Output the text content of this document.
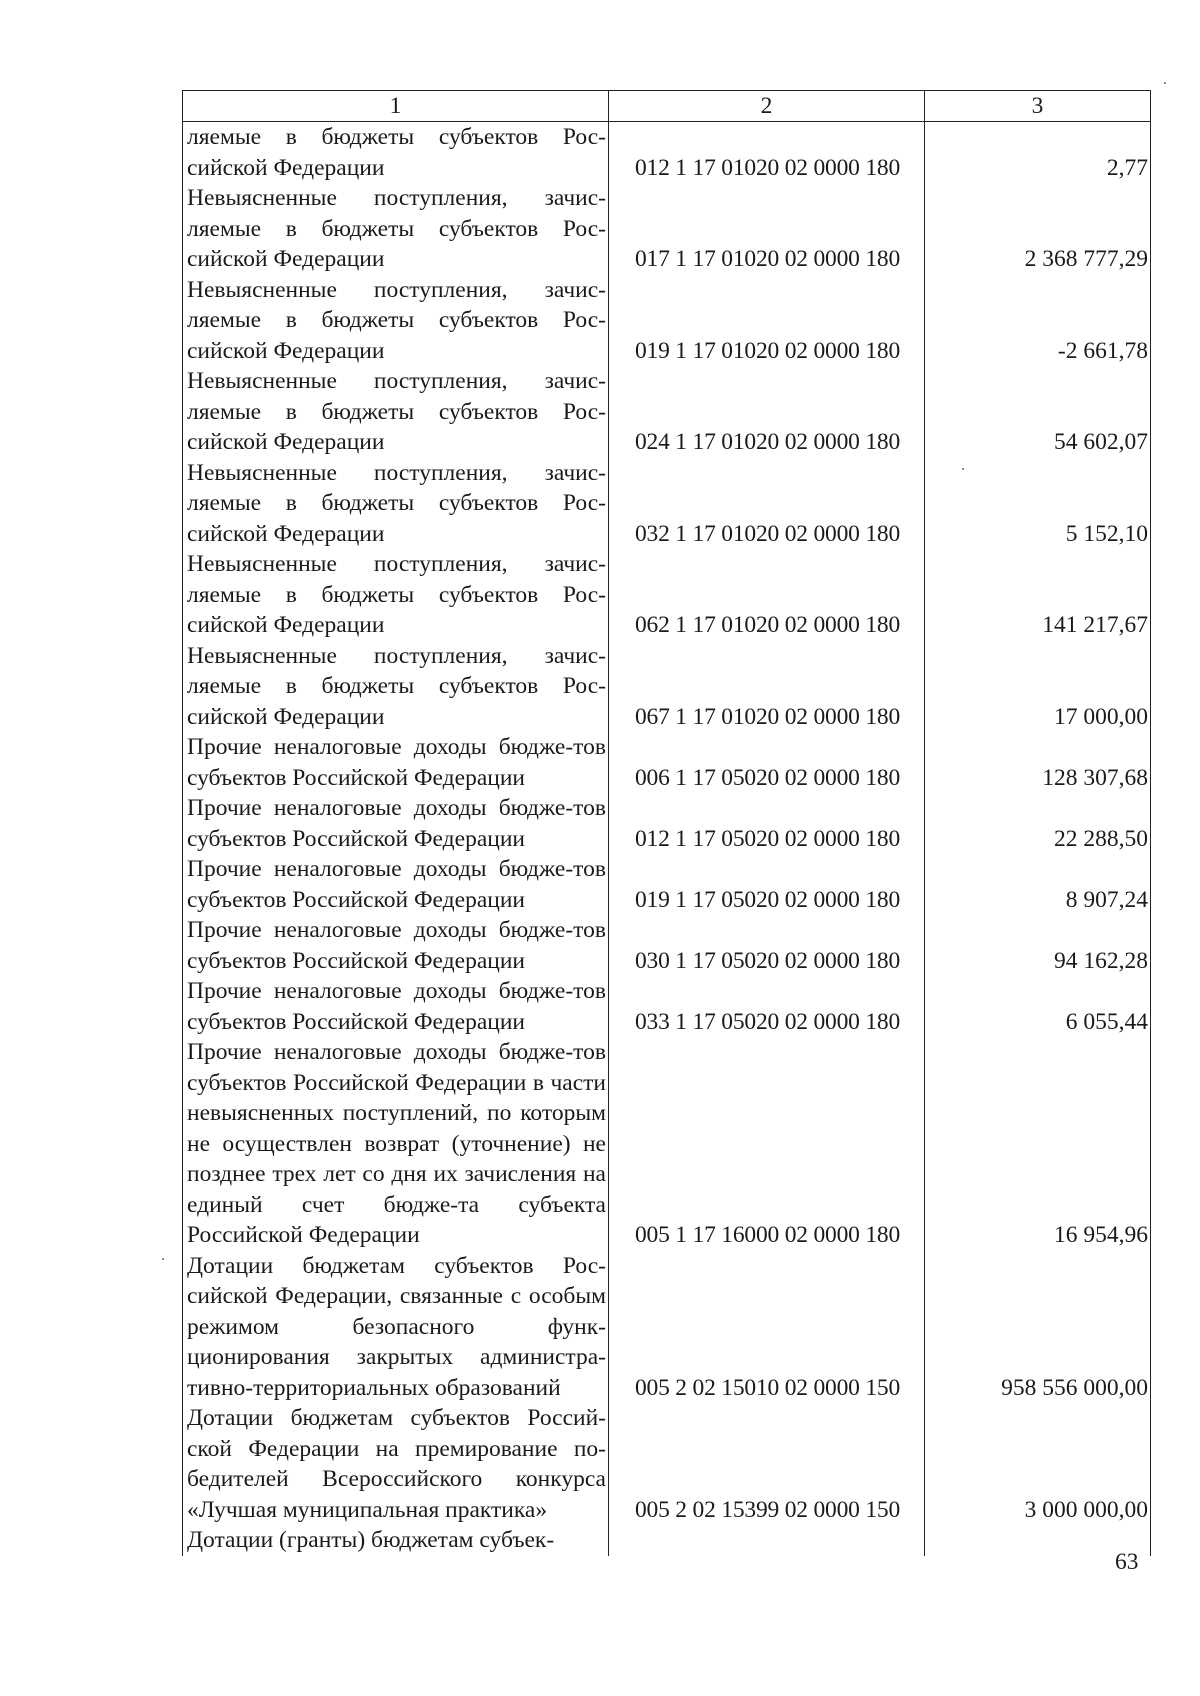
1	2	3
ляемые в бюджеты субъектов Рос-сийской Федерации	012 1 17 01020 02 0000 180	2,77
Невыясненные поступления, зачис-ляемые в бюджеты субъектов Рос-сийской Федерации	017 1 17 01020 02 0000 180	2 368 777,29
Невыясненные поступления, зачис-ляемые в бюджеты субъектов Рос-сийской Федерации	019 1 17 01020 02 0000 180	-2 661,78
Невыясненные поступления, зачис-ляемые в бюджеты субъектов Рос-сийской Федерации	024 1 17 01020 02 0000 180	54 602,07
Невыясненные поступления, зачис-ляемые в бюджеты субъектов Рос-сийской Федерации	032 1 17 01020 02 0000 180	5 152,10
Невыясненные поступления, зачис-ляемые в бюджеты субъектов Рос-сийской Федерации	062 1 17 01020 02 0000 180	141 217,67
Невыясненные поступления, зачис-ляемые в бюджеты субъектов Рос-сийской Федерации	067 1 17 01020 02 0000 180	17 000,00
Прочие неналоговые доходы бюдже-тов субъектов Российской Федерации	006 1 17 05020 02 0000 180	128 307,68
Прочие неналоговые доходы бюдже-тов субъектов Российской Федерации	012 1 17 05020 02 0000 180	22 288,50
Прочие неналоговые доходы бюдже-тов субъектов Российской Федерации	019 1 17 05020 02 0000 180	8 907,24
Прочие неналоговые доходы бюдже-тов субъектов Российской Федерации	030 1 17 05020 02 0000 180	94 162,28
Прочие неналоговые доходы бюдже-тов субъектов Российской Федерации	033 1 17 05020 02 0000 180	6 055,44
Прочие неналоговые доходы бюдже-тов субъектов Российской Федерации в части невыясненных поступлений, по которым не осуществлен возврат (уточнение) не позднее трех лет со дня их зачисления на единый счет бюдже-та субъекта Российской Федерации	005 1 17 16000 02 0000 180	16 954,96
Дотации бюджетам субъектов Рос-сийской Федерации, связанные с особым режимом безопасного функ-ционирования закрытых администра-тивно-территориальных образований	005 2 02 15010 02 0000 150	958 556 000,00
Дотации бюджетам субъектов Россий-ской Федерации на премирование по-бедителей Всероссийского конкурса «Лучшая муниципальная практика»	005 2 02 15399 02 0000 150	3 000 000,00
Дотации (гранты) бюджетам субъек-		
63
